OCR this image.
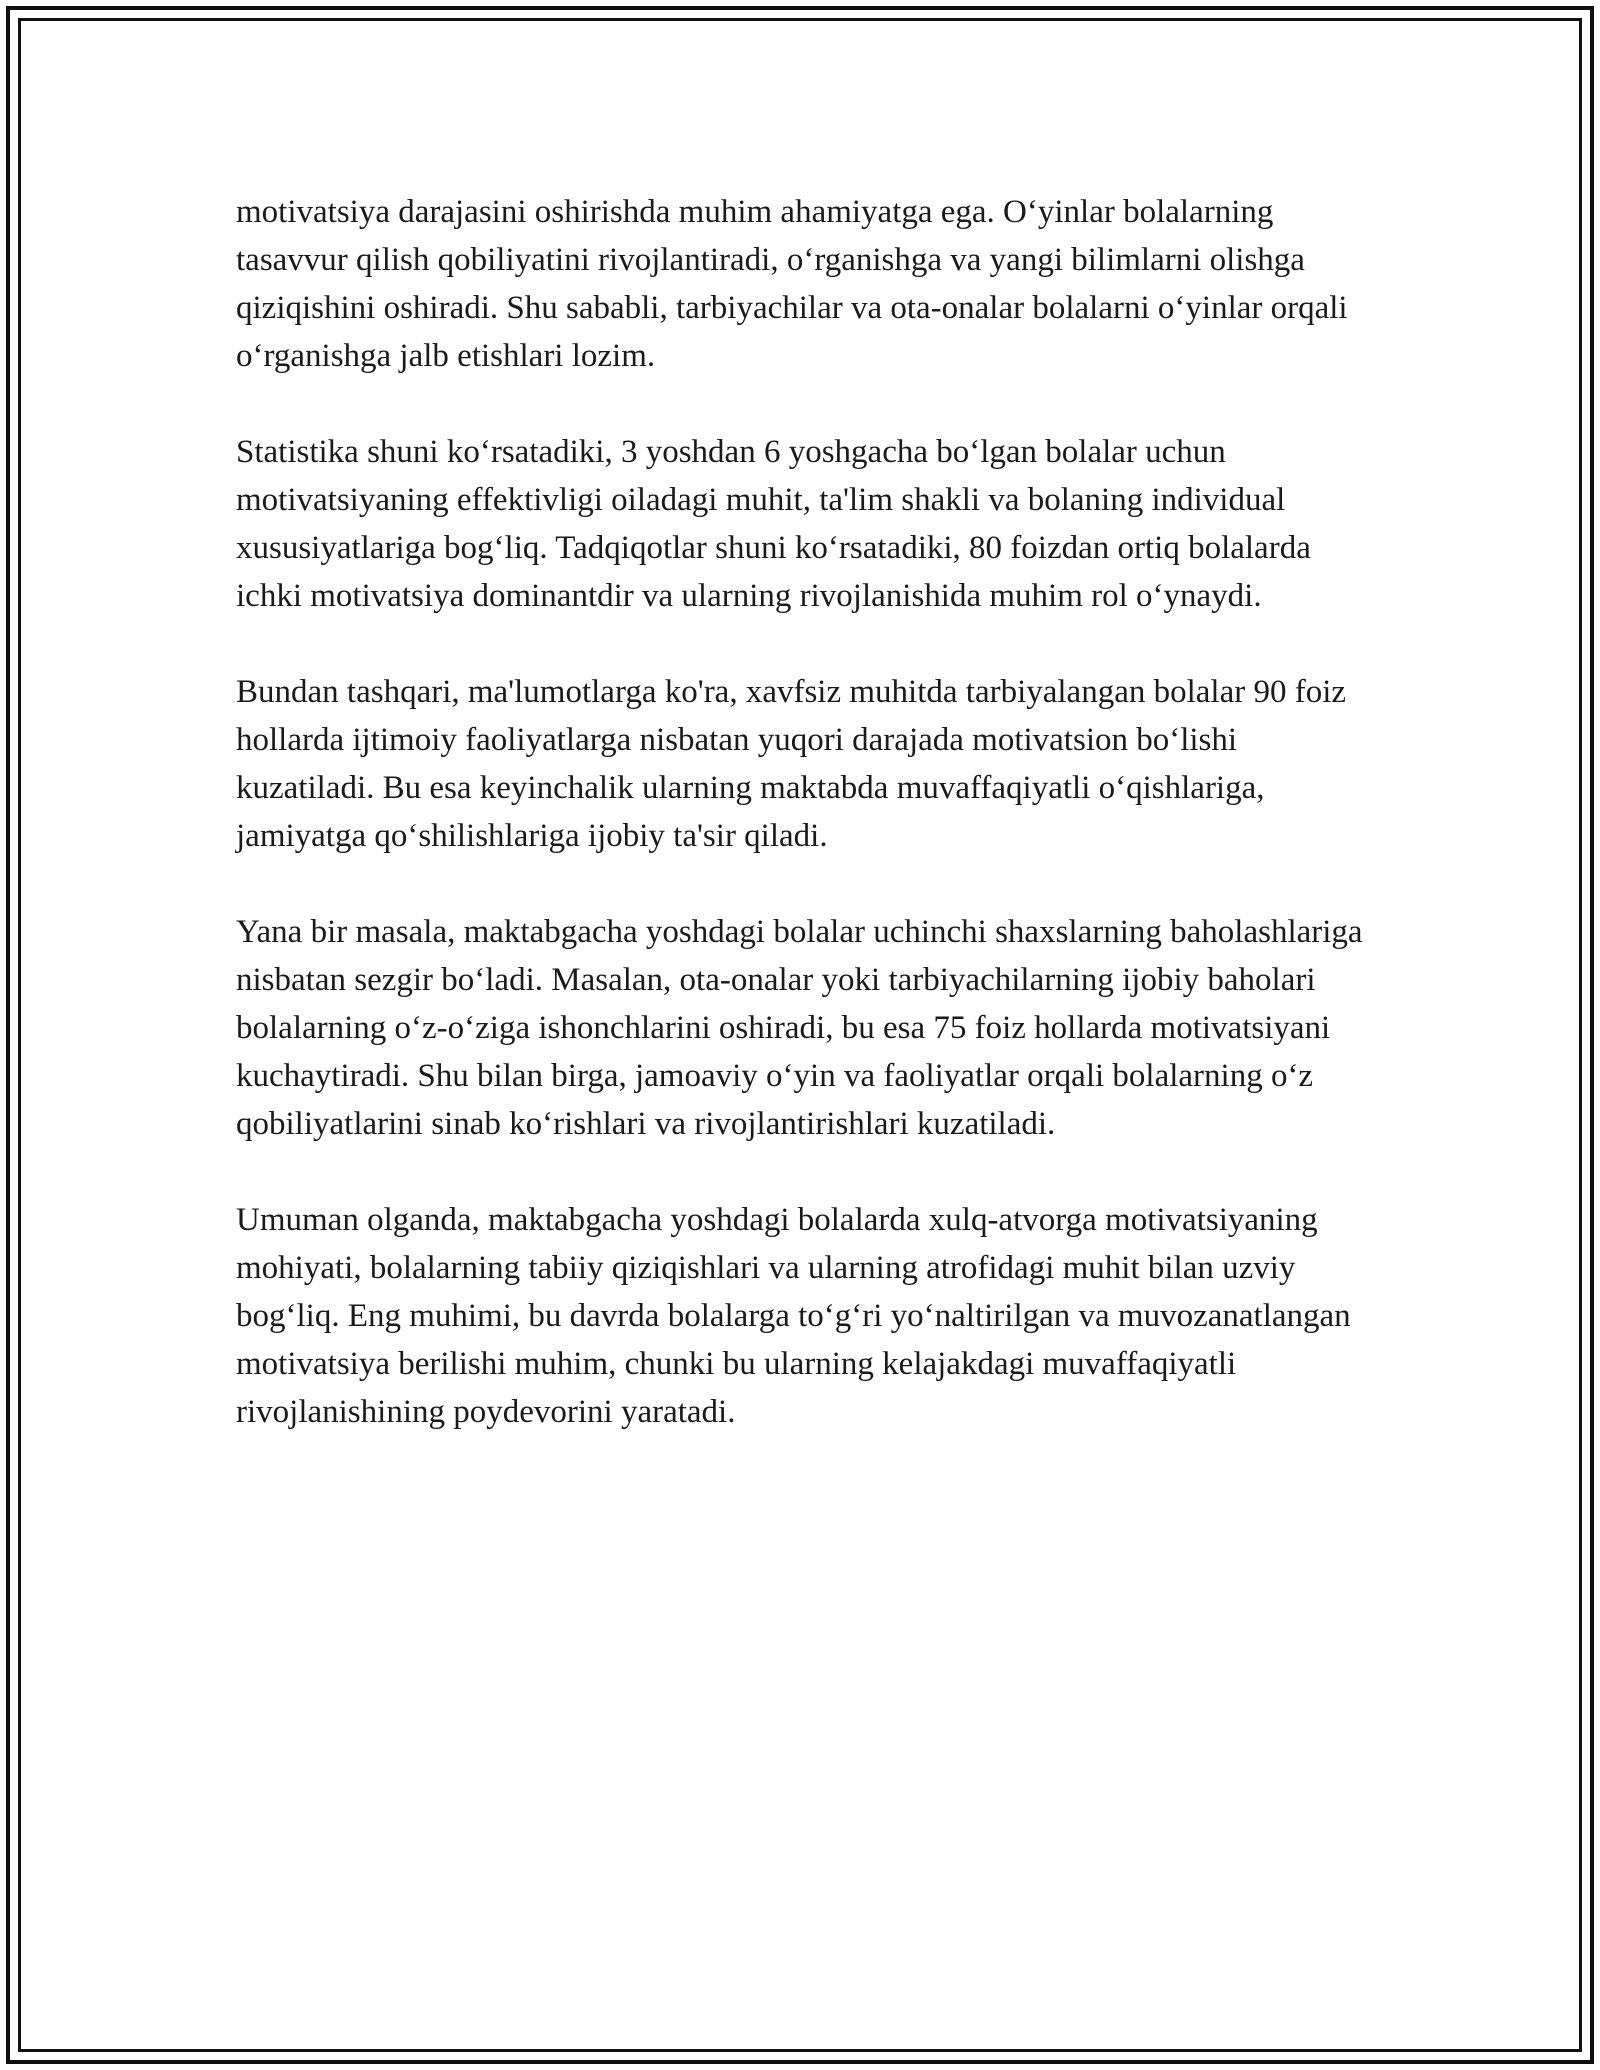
motivatsiya darajasini oshirishda muhim ahamiyatga ega. O‘yinlar bolalarning tasavvur qilish qobiliyatini rivojlantiradi, o‘rganishga va yangi bilimlarni olishga qiziqishini oshiradi. Shu sababli, tarbiyachilar va ota-onalar bolalarni o‘yinlar orqali o‘rganishga jalb etishlari lozim.

Statistika shuni ko‘rsatadiki, 3 yoshdan 6 yoshgacha bo‘lgan bolalar uchun motivatsiyaning effektivligi oiladagi muhit, ta'lim shakli va bolaning individual xususiyatlariga bog‘liq. Tadqiqotlar shuni ko‘rsatadiki, 80 foizdan ortiq bolalarda ichki motivatsiya dominantdir va ularning rivojlanishida muhim rol o‘ynaydi.

Bundan tashqari, ma'lumotlarga ko'ra, xavfsiz muhitda tarbiyalangan bolalar 90 foiz hollarda ijtimoiy faoliyatlarga nisbatan yuqori darajada motivatsion bo‘lishi kuzatiladi. Bu esa keyinchalik ularning maktabda muvaffaqiyatli o‘qishlariga, jamiyatga qo‘shilishlariga ijobiy ta'sir qiladi.

Yana bir masala, maktabgacha yoshdagi bolalar uchinchi shaxslarning baholashlariga nisbatan sezgir bo‘ladi. Masalan, ota-onalar yoki tarbiyachilarning ijobiy baholari bolalarning o‘z-o‘ziga ishonchlarini oshiradi, bu esa 75 foiz hollarda motivatsiyani kuchaytiradi. Shu bilan birga, jamoaviy o‘yin va faoliyatlar orqali bolalarning o‘z qobiliyatlarini sinab ko‘rishlari va rivojlantirishlari kuzatiladi.

Umuman olganda, maktabgacha yoshdagi bolalarda xulq-atvorga motivatsiyaning mohiyati, bolalarning tabiiy qiziqishlari va ularning atrofidagi muhit bilan uzviy bog‘liq. Eng muhimi, bu davrda bolalarga to‘g‘ri yo‘naltirilgan va muvozanatlangan motivatsiya berilishi muhim, chunki bu ularning kelajakdagi muvaffaqiyatli rivojlanishining poydevorini yaratadi.
